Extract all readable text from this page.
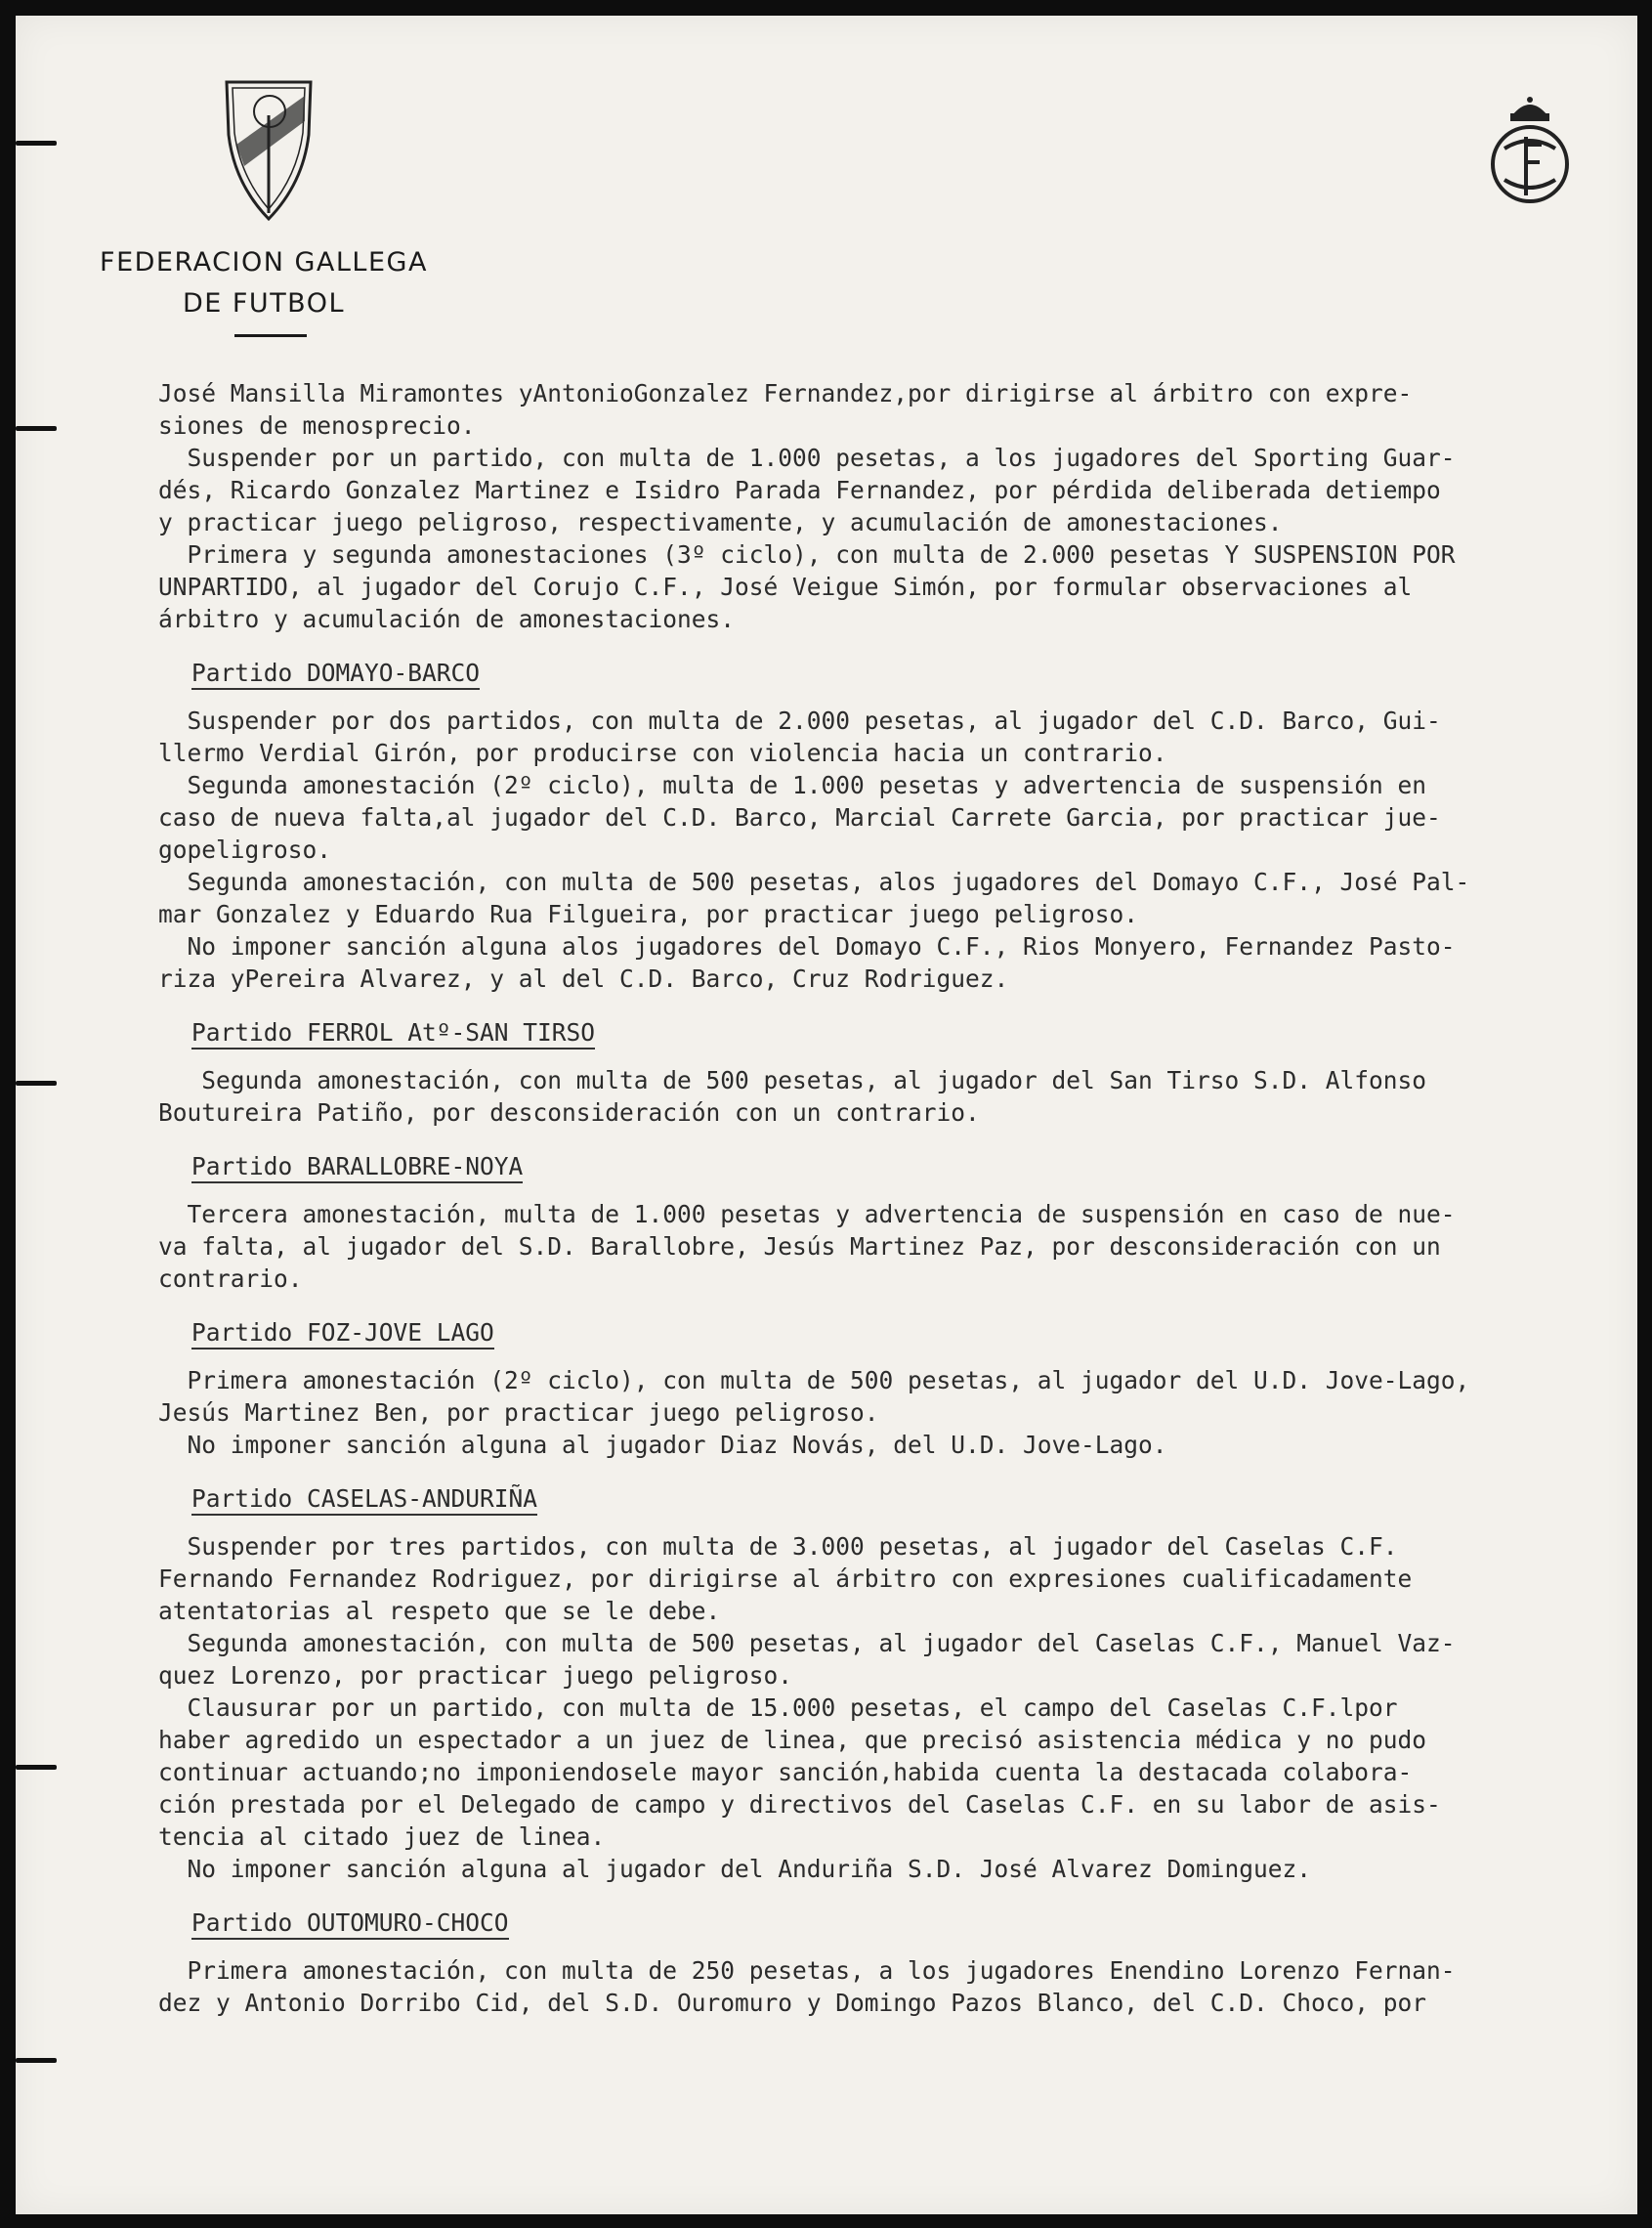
FEDERACION GALLEGA
DE FUTBOL

José Mansilla Miramontes yAntonioGonzalez Fernandez,por dirigirse al árbitro con expre-

siones de menosprecio.

Suspender por un partido, con multa de 1.000 pesetas, a los jugadores del Sporting Guar-

dés, Ricardo Gonzalez Martinez e Isidro Parada Fernandez, por pérdida deliberada detiempo

y practicar juego peligroso, respectivamente, y acumulación de amonestaciones.

Primera y segunda amonestaciones (3º ciclo), con multa de 2.000 pesetas Y SUSPENSION POR

UNPARTIDO, al jugador del Corujo C.F., José Veigue Simón, por formular observaciones al

árbitro y acumulación de amonestaciones.

Partido DOMAYO-BARCO

Suspender por dos partidos, con multa de 2.000 pesetas, al jugador del C.D. Barco, Gui-

llermo Verdial Girón, por producirse con violencia hacia un contrario.

Segunda amonestación (2º ciclo), multa de 1.000 pesetas y advertencia de suspensión en

caso de nueva falta,al jugador del C.D. Barco, Marcial Carrete Garcia, por practicar jue-

gopeligroso.

Segunda amonestación, con multa de 500 pesetas, alos jugadores del Domayo C.F., José Pal-

mar Gonzalez y Eduardo Rua Filgueira, por practicar juego peligroso.

No imponer sanción alguna alos jugadores del Domayo C.F., Rios Monyero, Fernandez Pasto-

riza yPereira Alvarez, y al del C.D. Barco, Cruz Rodriguez.

Partido FERROL Atº-SAN TIRSO

Segunda amonestación, con multa de 500 pesetas, al jugador del San Tirso S.D. Alfonso

Boutureira Patiño, por desconsideración con un contrario.

Partido BARALLOBRE-NOYA

Tercera amonestación, multa de 1.000 pesetas y advertencia de suspensión en caso de nue-

va falta, al jugador del S.D. Barallobre, Jesús Martinez Paz, por desconsideración con un

contrario.

Partido FOZ-JOVE LAGO

Primera amonestación (2º ciclo), con multa de 500 pesetas, al jugador del U.D. Jove-Lago,

Jesús Martinez Ben, por practicar juego peligroso.

No imponer sanción alguna al jugador Diaz Novás, del U.D. Jove-Lago.

Partido CASELAS-ANDURIÑA

Suspender por tres partidos, con multa de 3.000 pesetas, al jugador del Caselas C.F.

Fernando Fernandez Rodriguez, por dirigirse al árbitro con expresiones cualificadamente

atentatorias al respeto que se le debe.

Segunda amonestación, con multa de 500 pesetas, al jugador del Caselas C.F., Manuel Vaz-

quez Lorenzo, por practicar juego peligroso.

Clausurar por un partido, con multa de 15.000 pesetas, el campo del Caselas C.F.lpor

haber agredido un espectador a un juez de linea, que precisó asistencia médica y no pudo

continuar actuando;no imponiendosele mayor sanción,habida cuenta la destacada colabora-

ción prestada por el Delegado de campo y directivos del Caselas C.F. en su labor de asis-

tencia al citado juez de linea.

No imponer sanción alguna al jugador del Anduriña S.D. José Alvarez Dominguez.

Partido OUTOMURO-CHOCO

Primera amonestación, con multa de 250 pesetas, a los jugadores Enendino Lorenzo Fernan-

dez y Antonio Dorribo Cid, del S.D. Ouromuro y Domingo Pazos Blanco, del C.D. Choco, por
